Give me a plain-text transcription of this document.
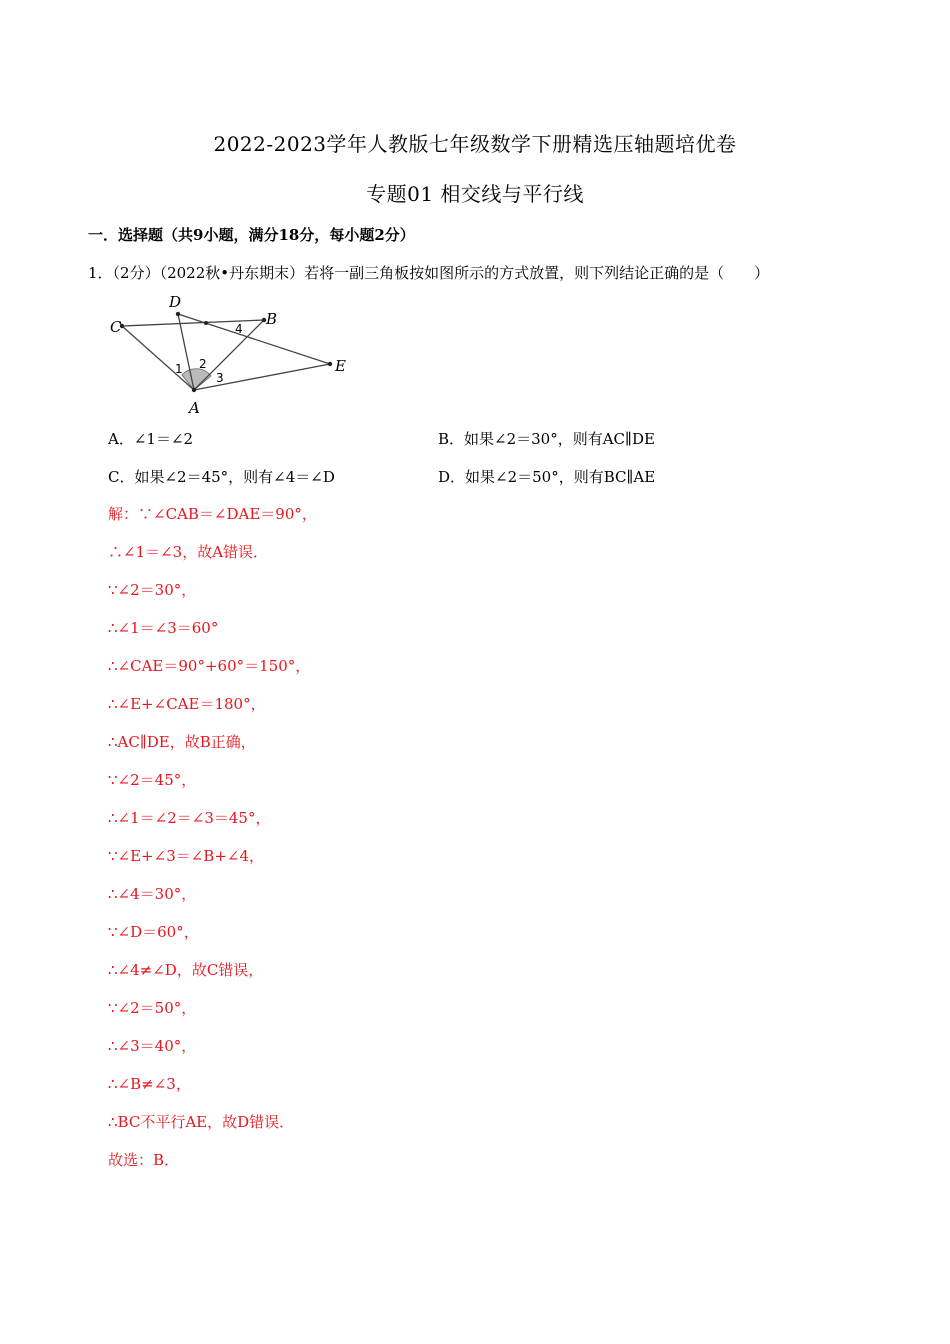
2022-2023学年人教版七年级数学下册精选压轴题培优卷
专题01 相交线与平行线
一．选择题（共9小题，满分18分，每小题2分）
1．（2分）（2022秋•丹东期末）若将一副三角板按如图所示的方式放置，则下列结论正确的是（　　）
C
D
B
E
A
1 2
3
4
A．∠1＝∠2	B．如果∠2＝30°，则有AC∥DE
C．如果∠2＝45°，则有∠4＝∠D	D．如果∠2＝50°，则有BC∥AE
解：∵∠CAB＝∠DAE＝90°，
∴∠1＝∠3，故A错误．
∵∠2＝30°，
∴∠1＝∠3＝60°
∴∠CAE＝90°+60°＝150°，
∴∠E+∠CAE＝180°，
∴AC∥DE，故B正确，
∵∠2＝45°，
∴∠1＝∠2＝∠3＝45°，
∵∠E+∠3＝∠B+∠4，
∴∠4＝30°，
∵∠D＝60°，
∴∠4≠∠D，故C错误，
∵∠2＝50°，
∴∠3＝40°，
∴∠B≠∠3，
∴BC不平行AE，故D错误．
故选：B．
